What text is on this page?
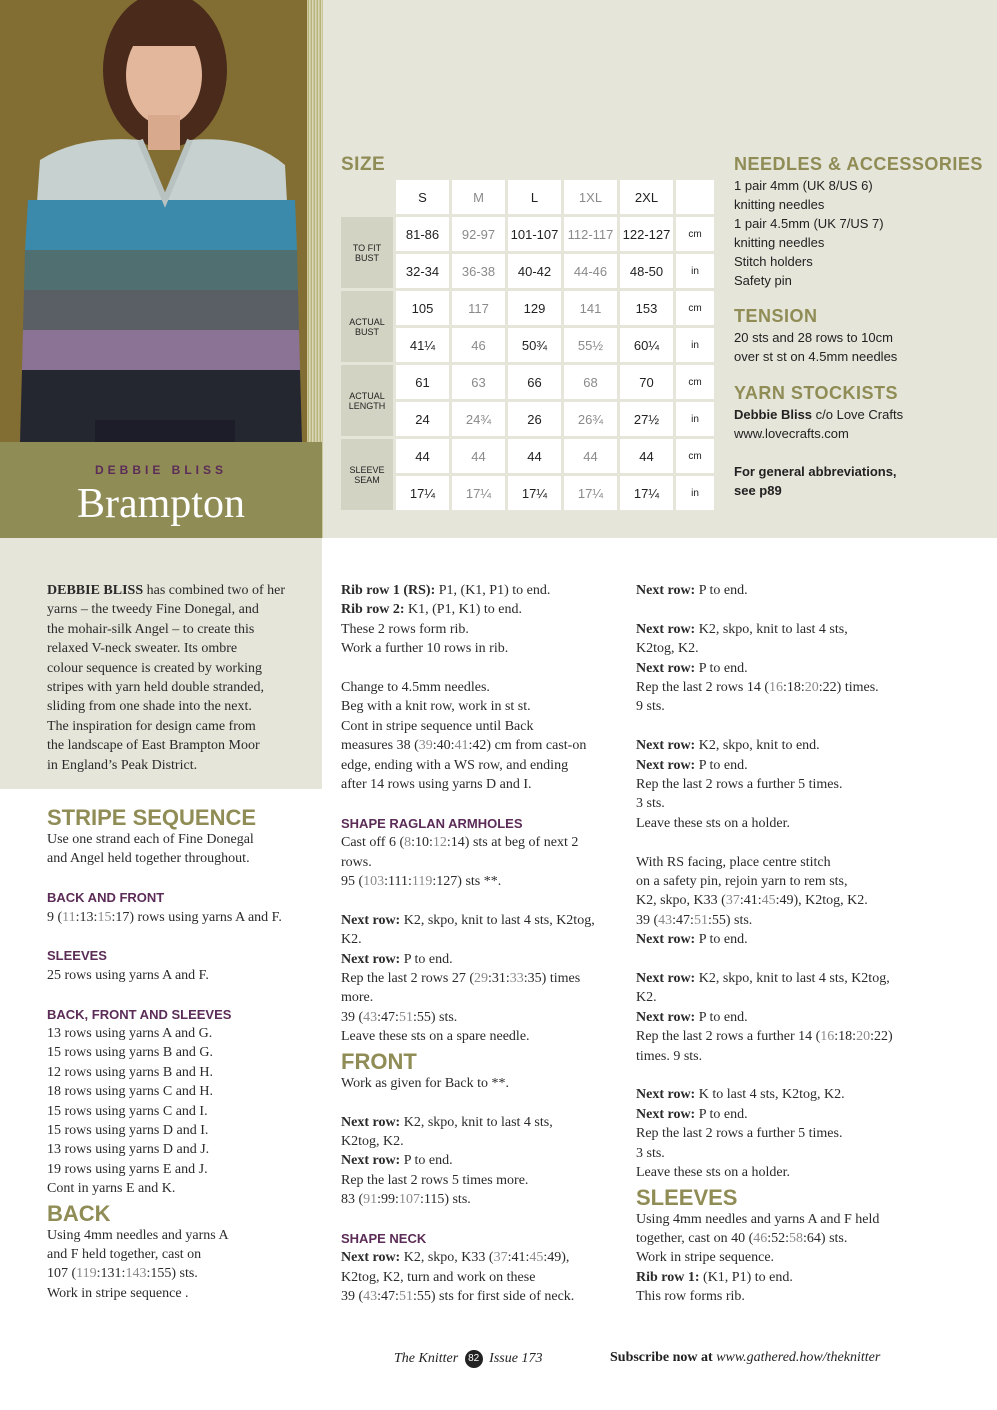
DEBBIE BLISS
Brampton
SIZE
	S	M	L	1XL	2XL	
TO FIT BUST	81-86	92-97	101-107	112-117	122-127	cm
	32-34	36-38	40-42	44-46	48-50	in
ACTUAL BUST	105	117	129	141	153	cm
	41¼	46	50¾	55½	60¼	in
ACTUAL LENGTH	61	63	66	68	70	cm
	24	24¾	26	26¾	27½	in
SLEEVE SEAM	44	44	44	44	44	cm
	17¼	17¼	17¼	17¼	17¼	in
NEEDLES & ACCESSORIES

1 pair 4mm (UK 8/US 6)

knitting needles

1 pair 4.5mm (UK 7/US 7)

knitting needles

Stitch holders

Safety pin

TENSION

20 sts and 28 rows to 10cm

over st st on 4.5mm needles

YARN STOCKISTS

Debbie Bliss c/o Love Crafts

www.lovecrafts.com

For general abbreviations,

see p89

DEBBIE BLISS has combined two of her
yarns – the tweedy Fine Donegal, and
the mohair-silk Angel – to create this
relaxed V-neck sweater. Its ombre
colour sequence is created by working
stripes with yarn held double stranded,
sliding from one shade into the next.
The inspiration for design came from
the landscape of East Brampton Moor
in England’s Peak District.
STRIPE SEQUENCE

Use one strand each of Fine Donegal

and Angel held together throughout.

BACK AND FRONT

9 (11:13:15:17) rows using yarns A and F.

SLEEVES

25 rows using yarns A and F.

BACK, FRONT AND SLEEVES

13 rows using yarns A and G.

15 rows using yarns B and G.

12 rows using yarns B and H.

18 rows using yarns C and H.

15 rows using yarns C and I.

15 rows using yarns D and I.

13 rows using yarns D and J.

19 rows using yarns E and J.

Cont in yarns E and K.

BACK

Using 4mm needles and yarns A

and F held together, cast on

107 (119:131:143:155) sts.

Work in stripe sequence .

Rib row 1 (RS): P1, (K1, P1) to end.

Rib row 2: K1, (P1, K1) to end.

These 2 rows form rib.

Work a further 10 rows in rib.

Change to 4.5mm needles.

Beg with a knit row, work in st st.

Cont in stripe sequence until Back

measures 38 (39:40:41:42) cm from cast-on

edge, ending with a WS row, and ending

after 14 rows using yarns D and I.

SHAPE RAGLAN ARMHOLES

Cast off 6 (8:10:12:14) sts at beg of next 2

rows.

95 (103:111:119:127) sts **.

Next row: K2, skpo, knit to last 4 sts, K2tog,

K2.

Next row: P to end.

Rep the last 2 rows 27 (29:31:33:35) times

more.

39 (43:47:51:55) sts.

Leave these sts on a spare needle.

FRONT

Work as given for Back to **.

Next row: K2, skpo, knit to last 4 sts,

K2tog, K2.

Next row: P to end.

Rep the last 2 rows 5 times more.

83 (91:99:107:115) sts.

SHAPE NECK

Next row: K2, skpo, K33 (37:41:45:49),

K2tog, K2, turn and work on these

39 (43:47:51:55) sts for first side of neck.

Next row: P to end.

Next row: K2, skpo, knit to last 4 sts,

K2tog, K2.

Next row: P to end.

Rep the last 2 rows 14 (16:18:20:22) times.

9 sts.

Next row: K2, skpo, knit to end.

Next row: P to end.

Rep the last 2 rows a further 5 times.

3 sts.

Leave these sts on a holder.

With RS facing, place centre stitch

on a safety pin, rejoin yarn to rem sts,

K2, skpo, K33 (37:41:45:49), K2tog, K2.

39 (43:47:51:55) sts.

Next row: P to end.

Next row: K2, skpo, knit to last 4 sts, K2tog,

K2.

Next row: P to end.

Rep the last 2 rows a further 14 (16:18:20:22)

times. 9 sts.

Next row: K to last 4 sts, K2tog, K2.

Next row: P to end.

Rep the last 2 rows a further 5 times.

3 sts.

Leave these sts on a holder.

SLEEVES

Using 4mm needles and yarns A and F held

together, cast on 40 (46:52:58:64) sts.

Work in stripe sequence.

Rib row 1: (K1, P1) to end.

This row forms rib.

The Knitter 82 Issue 173	Subscribe now at www.gathered.how/theknitter
